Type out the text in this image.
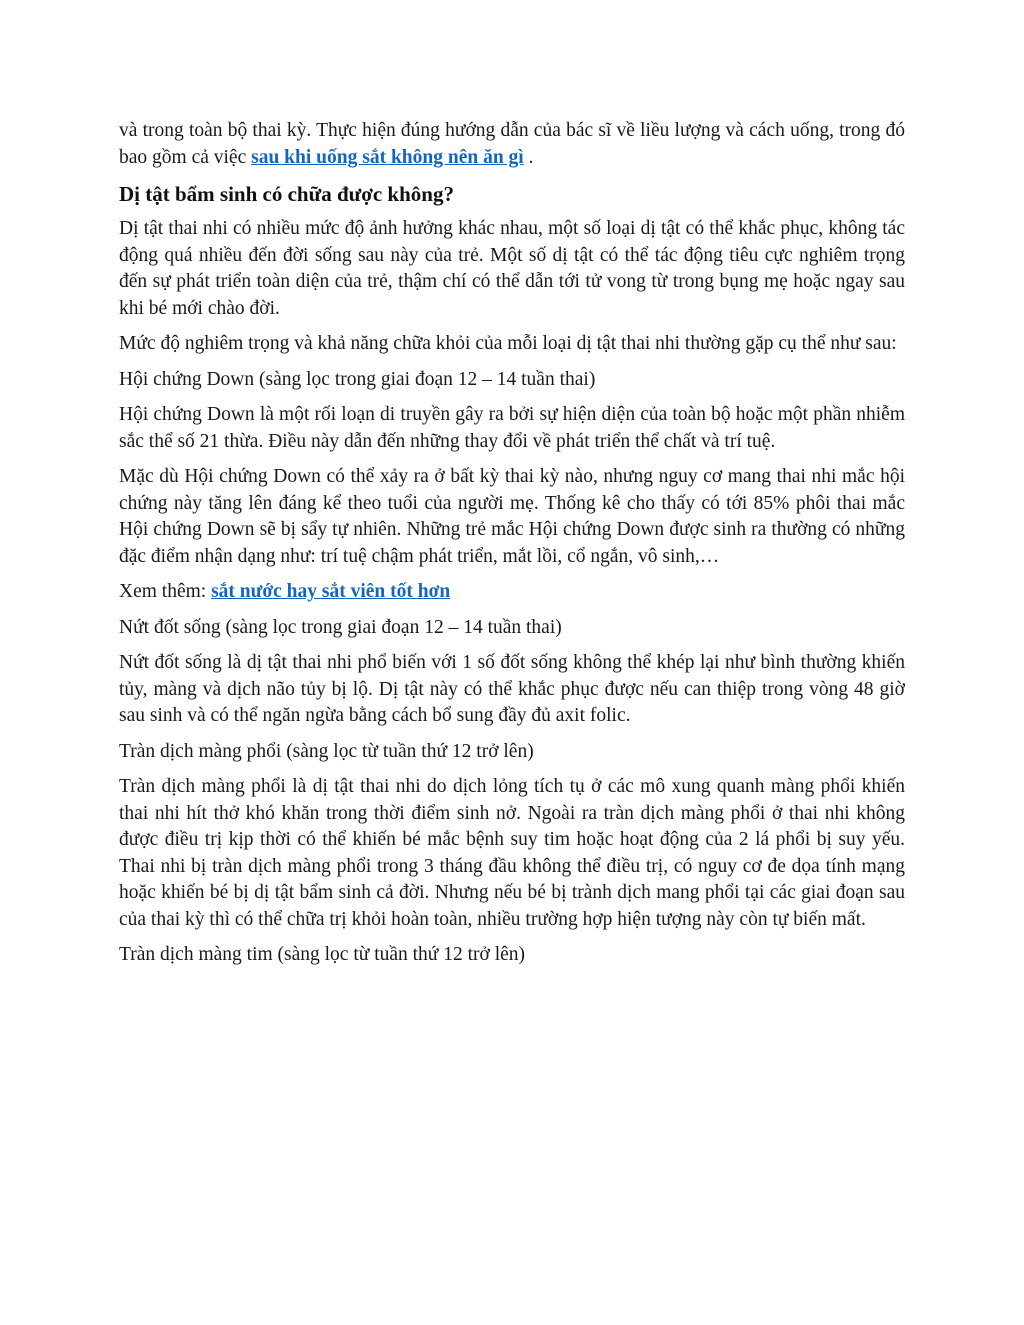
và trong toàn bộ thai kỳ. Thực hiện đúng hướng dẫn của bác sĩ về liều lượng và cách uống, trong đó bao gồm cả việc sau khi uống sắt không nên ăn gì .

Dị tật bẩm sinh có chữa được không?

Dị tật thai nhi có nhiều mức độ ảnh hưởng khác nhau, một số loại dị tật có thể khắc phục, không tác động quá nhiều đến đời sống sau này của trẻ. Một số dị tật có thể tác động tiêu cực nghiêm trọng đến sự phát triển toàn diện của trẻ, thậm chí có thể dẫn tới tử vong từ trong bụng mẹ hoặc ngay sau khi bé mới chào đời.

Mức độ nghiêm trọng và khả năng chữa khỏi của mỗi loại dị tật thai nhi thường gặp cụ thể như sau:

Hội chứng Down (sàng lọc trong giai đoạn 12 – 14 tuần thai)

Hội chứng Down là một rối loạn di truyền gây ra bởi sự hiện diện của toàn bộ hoặc một phần nhiễm sắc thể số 21 thừa. Điều này dẫn đến những thay đổi về phát triển thể chất và trí tuệ.

Mặc dù Hội chứng Down có thể xảy ra ở bất kỳ thai kỳ nào, nhưng nguy cơ mang thai nhi mắc hội chứng này tăng lên đáng kể theo tuổi của người mẹ. Thống kê cho thấy có tới 85% phôi thai mắc Hội chứng Down sẽ bị sẩy tự nhiên. Những trẻ mắc Hội chứng Down được sinh ra thường có những đặc điểm nhận dạng như: trí tuệ chậm phát triển, mắt lồi, cổ ngắn, vô sinh,…

Xem thêm: sắt nước hay sắt viên tốt hơn

Nứt đốt sống (sàng lọc trong giai đoạn 12 – 14 tuần thai)

Nứt đốt sống là dị tật thai nhi phổ biến với 1 số đốt sống không thể khép lại như bình thường khiến tủy, màng và dịch não tủy bị lộ. Dị tật này có thể khắc phục được nếu can thiệp trong vòng 48 giờ sau sinh và có thể ngăn ngừa bằng cách bổ sung đầy đủ axit folic.

Tràn dịch màng phổi (sàng lọc từ tuần thứ 12 trở lên)

Tràn dịch màng phổi là dị tật thai nhi do dịch lỏng tích tụ ở các mô xung quanh màng phổi khiến thai nhi hít thở khó khăn trong thời điểm sinh nở. Ngoài ra tràn dịch màng phổi ở thai nhi không được điều trị kịp thời có thể khiến bé mắc bệnh suy tim hoặc hoạt động của 2 lá phổi bị suy yếu. Thai nhi bị tràn dịch màng phổi trong 3 tháng đầu không thể điều trị, có nguy cơ đe dọa tính mạng hoặc khiến bé bị dị tật bẩm sinh cả đời. Nhưng nếu bé bị trành dịch mang phổi tại các giai đoạn sau của thai kỳ thì có thể chữa trị khỏi hoàn toàn, nhiều trường hợp hiện tượng này còn tự biến mất.

Tràn dịch màng tim (sàng lọc từ tuần thứ 12 trở lên)
